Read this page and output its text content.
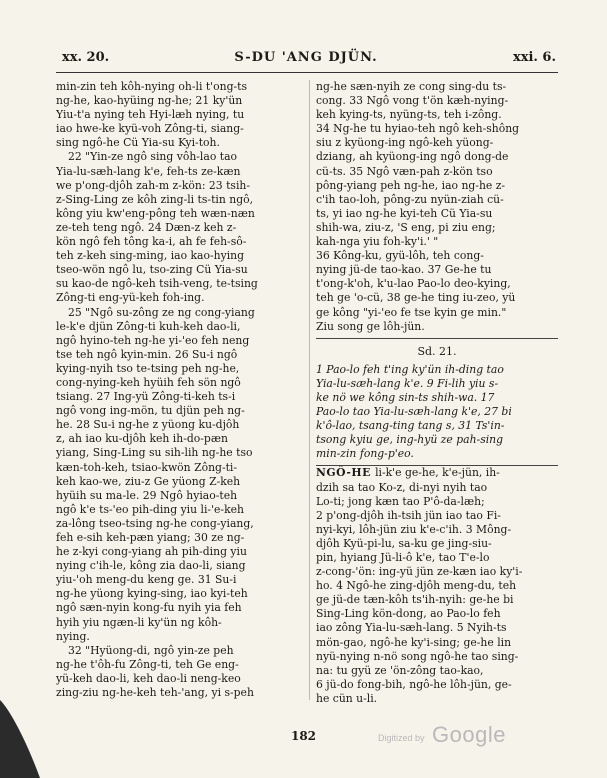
xx. 20.	S-DU 'ANG DJÜN.	xxi. 6.
min-zin teh kôh-nying oh-li t'ong-ts
ng-he, kao-hyüing ng-he; 21 ky'ün
Yiu-t'a nying teh Hyi-læh nying, tu
iao hwe-ke kyü-voh Zông-ti, siang-
sing ngô-he Cü Yia-su Kyi-toh.
22 "Yin-ze ngô sing vôh-lao tao
Yia-lu-sæh-lang k'e, feh-ts ze-kæn
we p'ong-djôh zah-m z-kön: 23 tsih-
z-Sing-Ling ze kôh zing-li ts-tin ngô,
kông yiu kw'eng-pông teh wæn-næn
ze-teh teng ngô. 24 Dæn-z keh z-
kön ngô feh tông ka-i, ah fe feh-sô-
teh z-keh sing-ming, iao kao-hying
tseo-wön ngô lu, tso-zing Cü Yia-su
su kao-de ngô-keh tsih-veng, te-tsing
Zông-ti eng-yü-keh foh-ing.
25 "Ngô su-zông ze ng cong-yiang
le-k'e djün Zông-ti kuh-keh dao-li,
ngô hyino-teh ng-he yi-'eo feh neng
tse teh ngô kyin-min. 26 Su-i ngô
kying-nyih tso te-tsing peh ng-he,
cong-nying-keh hyüih feh sön ngô
tsiang. 27 Ing-yü Zông-ti-keh ts-i
ngô vong ing-mön, tu djün peh ng-
he. 28 Su-i ng-he z yüong ku-djôh
z, ah iao ku-djôh keh ih-do-pæn
yiang, Sing-Ling su sih-lih ng-he tso
kæn-toh-keh, tsiao-kwön Zông-ti-
keh kao-we, ziu-z Ge yüong Z-keh
hyüih su ma-le. 29 Ngô hyiao-teh
ngô k'e ts-'eo pih-ding yiu li-'e-keh
za-lông tseo-tsing ng-he cong-yiang,
feh e-sih keh-pæn yiang; 30 ze ng-
he z-kyi cong-yiang ah pih-ding yiu
nying c'ih-le, kông zia dao-li, siang
yiu-'oh meng-du keng ge. 31 Su-i
ng-he yüong kying-sing, iao kyi-teh
ngô sæn-nyin kong-fu nyih yia feh
hyih yiu ngæn-li ky'ün ng kôh-
nying.
32 "Hyüong-di, ngô yin-ze peh
ng-he t'ôh-fu Zông-ti, teh Ge eng-
yü-keh dao-li, keh dao-li neng-keo
zing-ziu ng-he-keh teh-'ang, yi s-peh
ng-he sæn-nyih ze cong sing-du ts-
cong. 33 Ngô vong t'ön kæh-nying-
keh kying-ts, nyüng-ts, teh i-zông.
34 Ng-he tu hyiao-teh ngô keh-shông
siu z kyüong-ing ngô-keh yüong-
dziang, ah kyüong-ing ngô dong-de
cü-ts. 35 Ngô væn-pah z-kön tso
pông-yiang peh ng-he, iao ng-he z-
c'ih tao-loh, pông-zu nyün-ziah cü-
ts, yi iao ng-he kyi-teh Cü Yia-su
shih-wa, ziu-z, 'S eng, pi ziu eng;
kah-nga yiu foh-ky'i.' "
36 Kông-ku, gyü-lôh, teh cong-
nying jü-de tao-kao. 37 Ge-he tu
t'ong-k'oh, k'u-lao Pao-lo deo-kying,
teh ge 'o-cü, 38 ge-he ting iu-zeo, yü
ge kông "yi-'eo fe tse kyin ge min."
Ziu song ge lôh-jün.

Sd. 21.

1 Pao-lo feh t'ing ky'ün ih-ding tao
Yia-lu-sæh-lang k'e. 9 Fi-lih yiu s-
ke nö we kông sin-ts shih-wa. 17
Pao-lo tao Yia-lu-sæh-lang k'e, 27 bi
k'ô-lao, tsang-ting tang s, 31 Ts'in-
tsong kyiu ge, ing-hyü ze pah-sing
min-zin fong-p'eo.
NGÔ-HE li-k'e ge-he, k'e-jün, ih-
dzih sa tao Ko-z, di-nyi nyih tao
Lo-ti; jong kæn tao P'ô-da-læh;
2 p'ong-djôh ih-tsih jün iao tao Fi-
nyi-kyi, lôh-jün ziu k'e-c'ih. 3 Mông-
djôh Kyü-pi-lu, sa-ku ge jing-siu-
pin, hyiang Jü-li-ô k'e, tao T'e-lo
z-cong-'ön: ing-yü jün ze-kæn iao ky'i-
ho. 4 Ngô-he zing-djôh meng-du, teh
ge jü-de tæn-kôh ts'ih-nyih: ge-he bi
Sing-Ling kön-dong, ao Pao-lo feh
iao zông Yia-lu-sæh-lang. 5 Nyih-ts
mön-gao, ngô-he ky'i-sing; ge-he lin
nyü-nying n-nö song ngô-he tao sing-
na: tu gyü ze 'ön-zông tao-kao,
6 jü-do fong-bih, ngô-he lôh-jün, ge-
he cün u-li.
182	Digitized by Google
